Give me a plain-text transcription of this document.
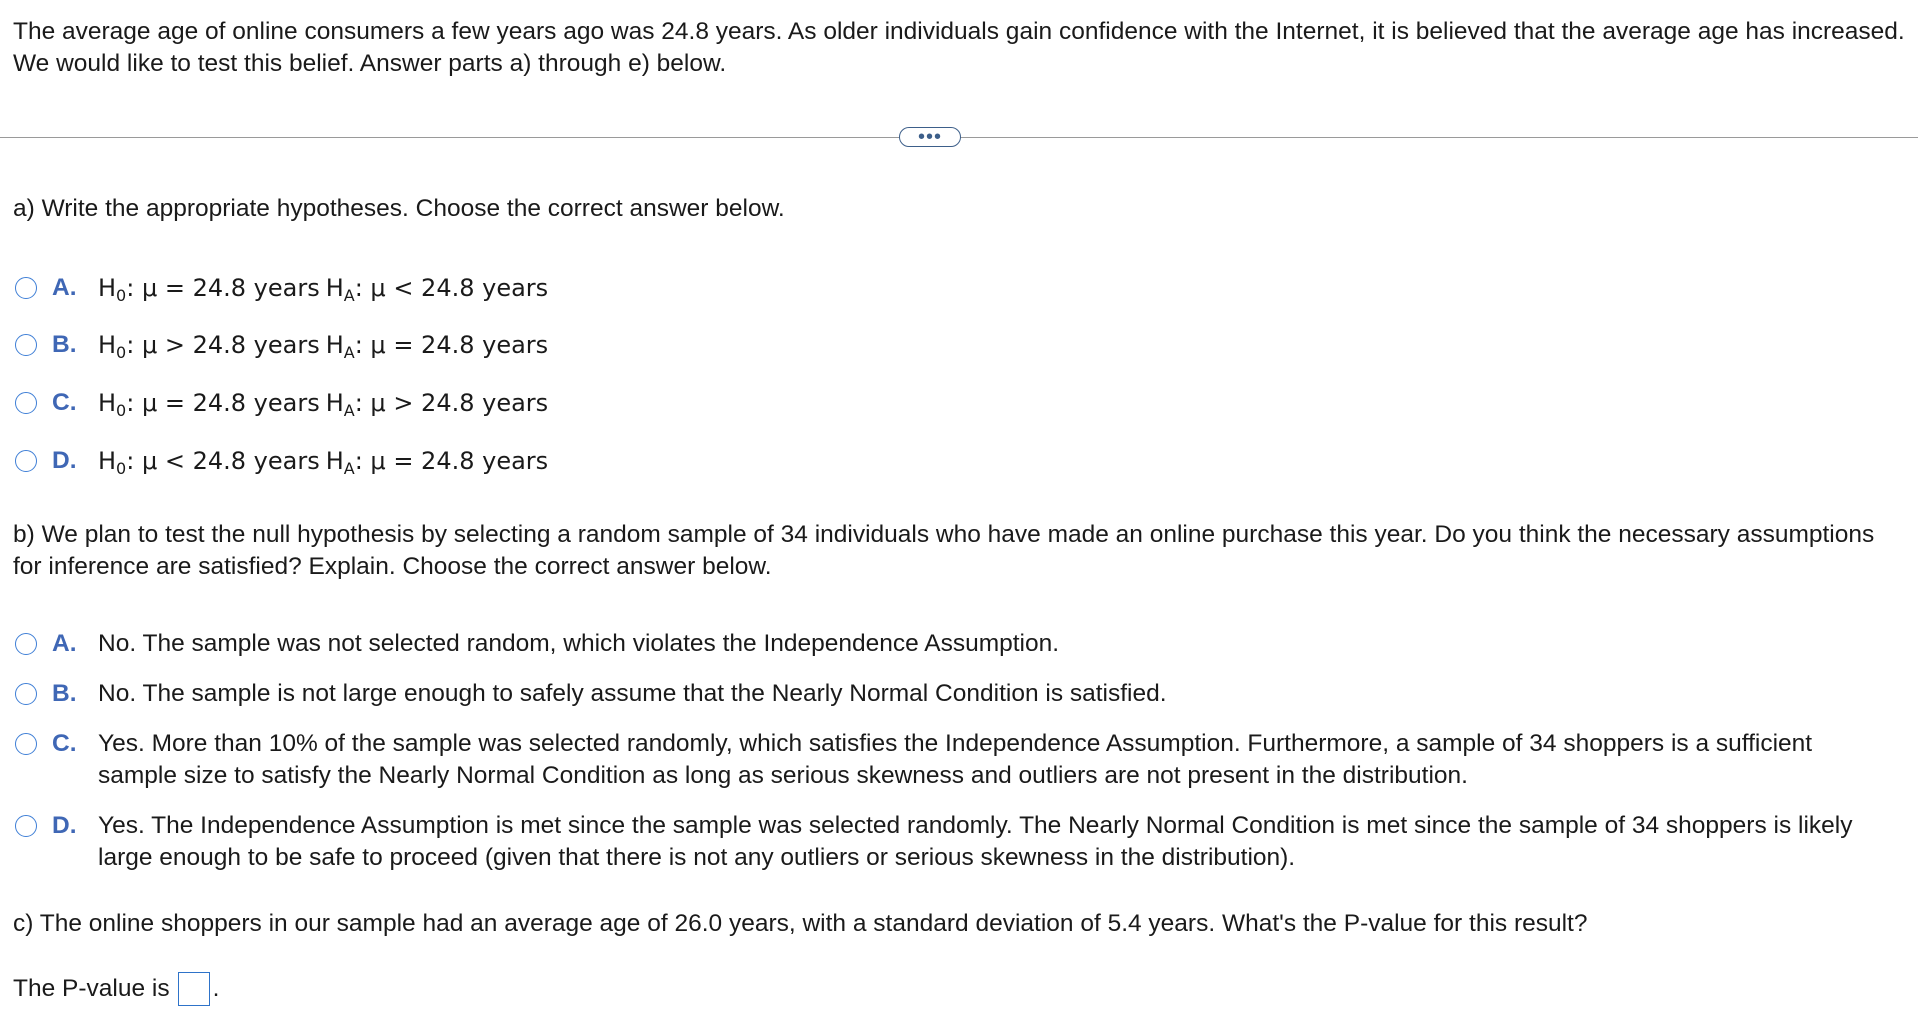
The average age of online consumers a few years ago was 24.8 years. As older individuals gain confidence with the Internet, it is believed that the average age has increased. We would like to test this belief. Answer parts a) through e) below.
•••
a) Write the appropriate hypotheses. Choose the correct answer below.
A. $H_0$: μ = 24.8 years $H_A$: μ < 24.8 years
B. $H_0$: μ > 24.8 years $H_A$: μ = 24.8 years
C. $H_0$: μ = 24.8 years $H_A$: μ > 24.8 years
D. $H_0$: μ < 24.8 years $H_A$: μ = 24.8 years
b) We plan to test the null hypothesis by selecting a random sample of 34 individuals who have made an online purchase this year. Do you think the necessary assumptions for inference are satisfied? Explain. Choose the correct answer below.
A. No. The sample was not selected random, which violates the Independence Assumption.
B. No. The sample is not large enough to safely assume that the Nearly Normal Condition is satisfied.
C. Yes. More than 10% of the sample was selected randomly, which satisfies the Independence Assumption. Furthermore, a sample of 34 shoppers is a sufficient sample size to satisfy the Nearly Normal Condition as long as serious skewness and outliers are not present in the distribution.
D. Yes. The Independence Assumption is met since the sample was selected randomly. The Nearly Normal Condition is met since the sample of 34 shoppers is likely large enough to be safe to proceed (given that there is not any outliers or serious skewness in the distribution).
c) The online shoppers in our sample had an average age of 26.0 years, with a standard deviation of 5.4 years. What's the P-value for this result?
The P-value is .
